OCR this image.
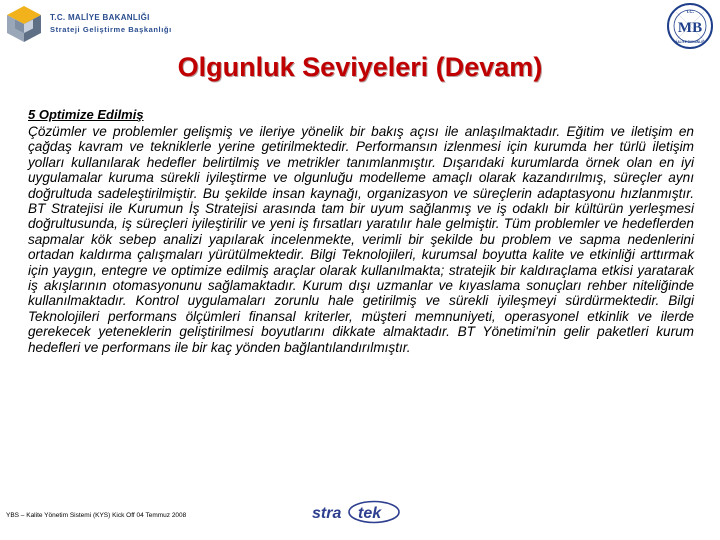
T.C. MALİYE BAKANLIĞI
Strateji Geliştirme Başkanlığı
T.C.
MB
MALİYE BAKANLIĞI
Olgunluk Seviyeleri (Devam)
5 Optimize Edilmiş

Çözümler ve problemler gelişmiş ve ileriye yönelik bir bakış açısı ile anlaşılmaktadır. Eğitim ve iletişim en çağdaş kavram ve tekniklerle yerine getirilmektedir. Performansın izlenmesi için kurumda her türlü iletişim yolları kullanılarak hedefler belirtilmiş ve metrikler tanımlanmıştır. Dışarıdaki kurumlarda örnek olan en iyi uygulamalar kuruma sürekli iyileştirme ve olgunluğu modelleme amaçlı olarak kazandırılmış, süreçler aynı doğrultuda sadeleştirilmiştir. Bu şekilde insan kaynağı, organizasyon ve süreçlerin adaptasyonu hızlanmıştır. BT Stratejisi ile Kurumun İş Stratejisi arasında tam bir uyum sağlanmış ve iş odaklı bir kültürün yerleşmesi doğrultusunda, iş süreçleri iyileştirilir ve yeni iş fırsatları yaratılır hale gelmiştir. Tüm problemler ve hedeflerden sapmalar kök sebep analizi yapılarak incelenmekte, verimli bir şekilde bu problem ve sapma nedenlerini ortadan kaldırma çalışmaları yürütülmektedir. Bilgi Teknolojileri, kurumsal boyutta kalite ve etkinliği arttırmak için yaygın, entegre ve optimize edilmiş araçlar olarak kullanılmakta; stratejik bir kaldıraçlama etkisi yaratarak iş akışlarının otomasyonunu sağlamaktadır. Kurum dışı uzmanlar ve kıyaslama sonuçları rehber niteliğinde kullanılmaktadır. Kontrol uygulamaları zorunlu hale getirilmiş ve sürekli iyileşmeyi sürdürmektedir. Bilgi Teknolojileri performans ölçümleri finansal kriterler, müşteri memnuniyeti, operasyonel etkinlik ve ilerde gerekecek yeteneklerin geliştirilmesi boyutlarını dikkate almaktadır. BT Yönetimi'nin gelir paketleri kurum hedefleri ve performans ile bir kaç yönden bağlantılandırılmıştır.

YBS – Kalite Yönetim Sistemi (KYS) Kick Off 04 Temmuz 2008	stra tek
